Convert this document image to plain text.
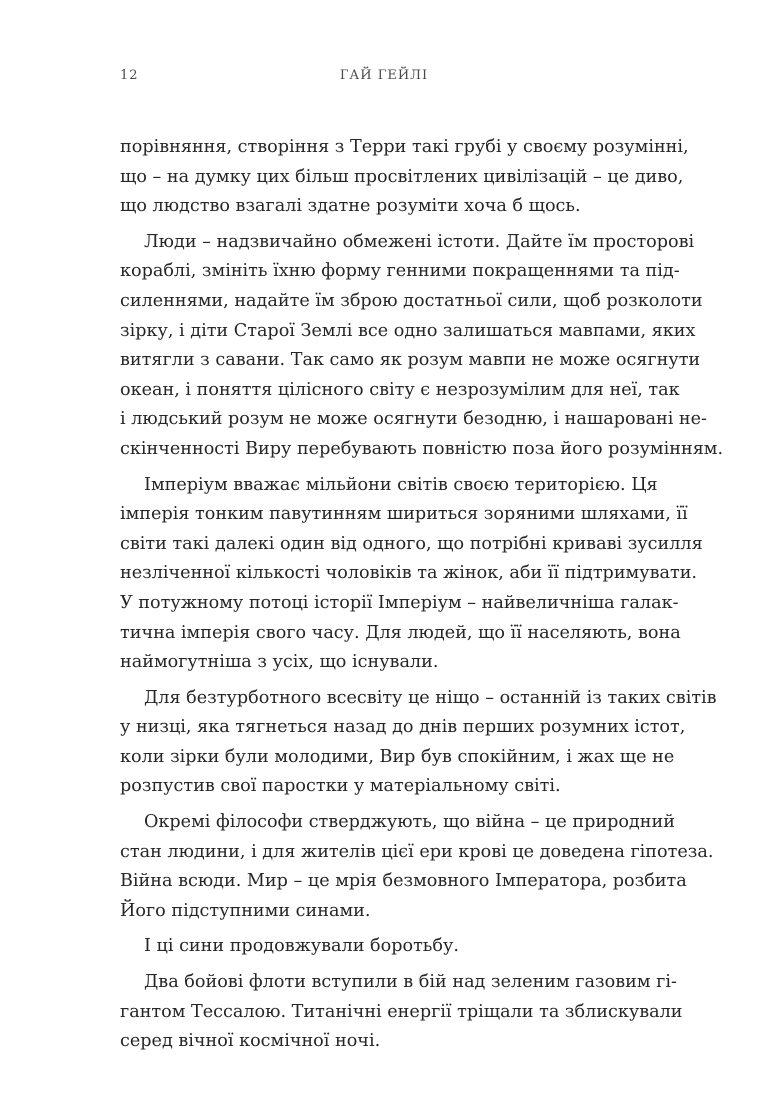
12	ГАЙ ГЕЙЛІ
порівняння, створіння з Терри такі грубі у своєму розумінні,
що – на думку цих більш просвітлених цивілізацій – це диво,
що людство взагалі здатне розуміти хоча б щось.
Люди – надзвичайно обмежені істоти. Дайте їм просторові
кораблі, змініть їхню форму генними покращеннями та під-
силеннями, надайте їм зброю достатньої сили, щоб розколоти
зірку, і діти Старої Землі все одно залишаться мавпами, яких
витягли з савани. Так само як розум мавпи не може осягнути
океан, і поняття цілісного світу є незрозумілим для неї, так
і людський розум не може осягнути безодню, і нашаровані не-
скінченності Виру перебувають повністю поза його розумінням.
Імперіум вважає мільйони світів своєю територією. Ця
імперія тонким павутинням шириться зоряними шляхами, її
світи такі далекі один від одного, що потрібні криваві зусилля
незліченної кількості чоловіків та жінок, аби її підтримувати.
У потужному потоці історії Імперіум – найвеличніша галак-
тична імперія свого часу. Для людей, що її населяють, вона
наймогутніша з усіх, що існували.
Для безтурботного всесвіту це ніщо – останній із таких світів
у низці, яка тягнеться назад до днів перших розумних істот,
коли зірки були молодими, Вир був спокійним, і жах ще не
розпустив свої паростки у матеріальному світі.
Окремі філософи стверджують, що війна – це природний
стан людини, і для жителів цієї ери крові це доведена гіпотеза.
Війна всюди. Мир – це мрія безмовного Імператора, розбита
Його підступними синами.
І ці сини продовжували боротьбу.
Два бойові флоти вступили в бій над зеленим газовим гі-
гантом Тессалою. Титанічні енергії тріщали та зблискували
серед вічної космічної ночі.
